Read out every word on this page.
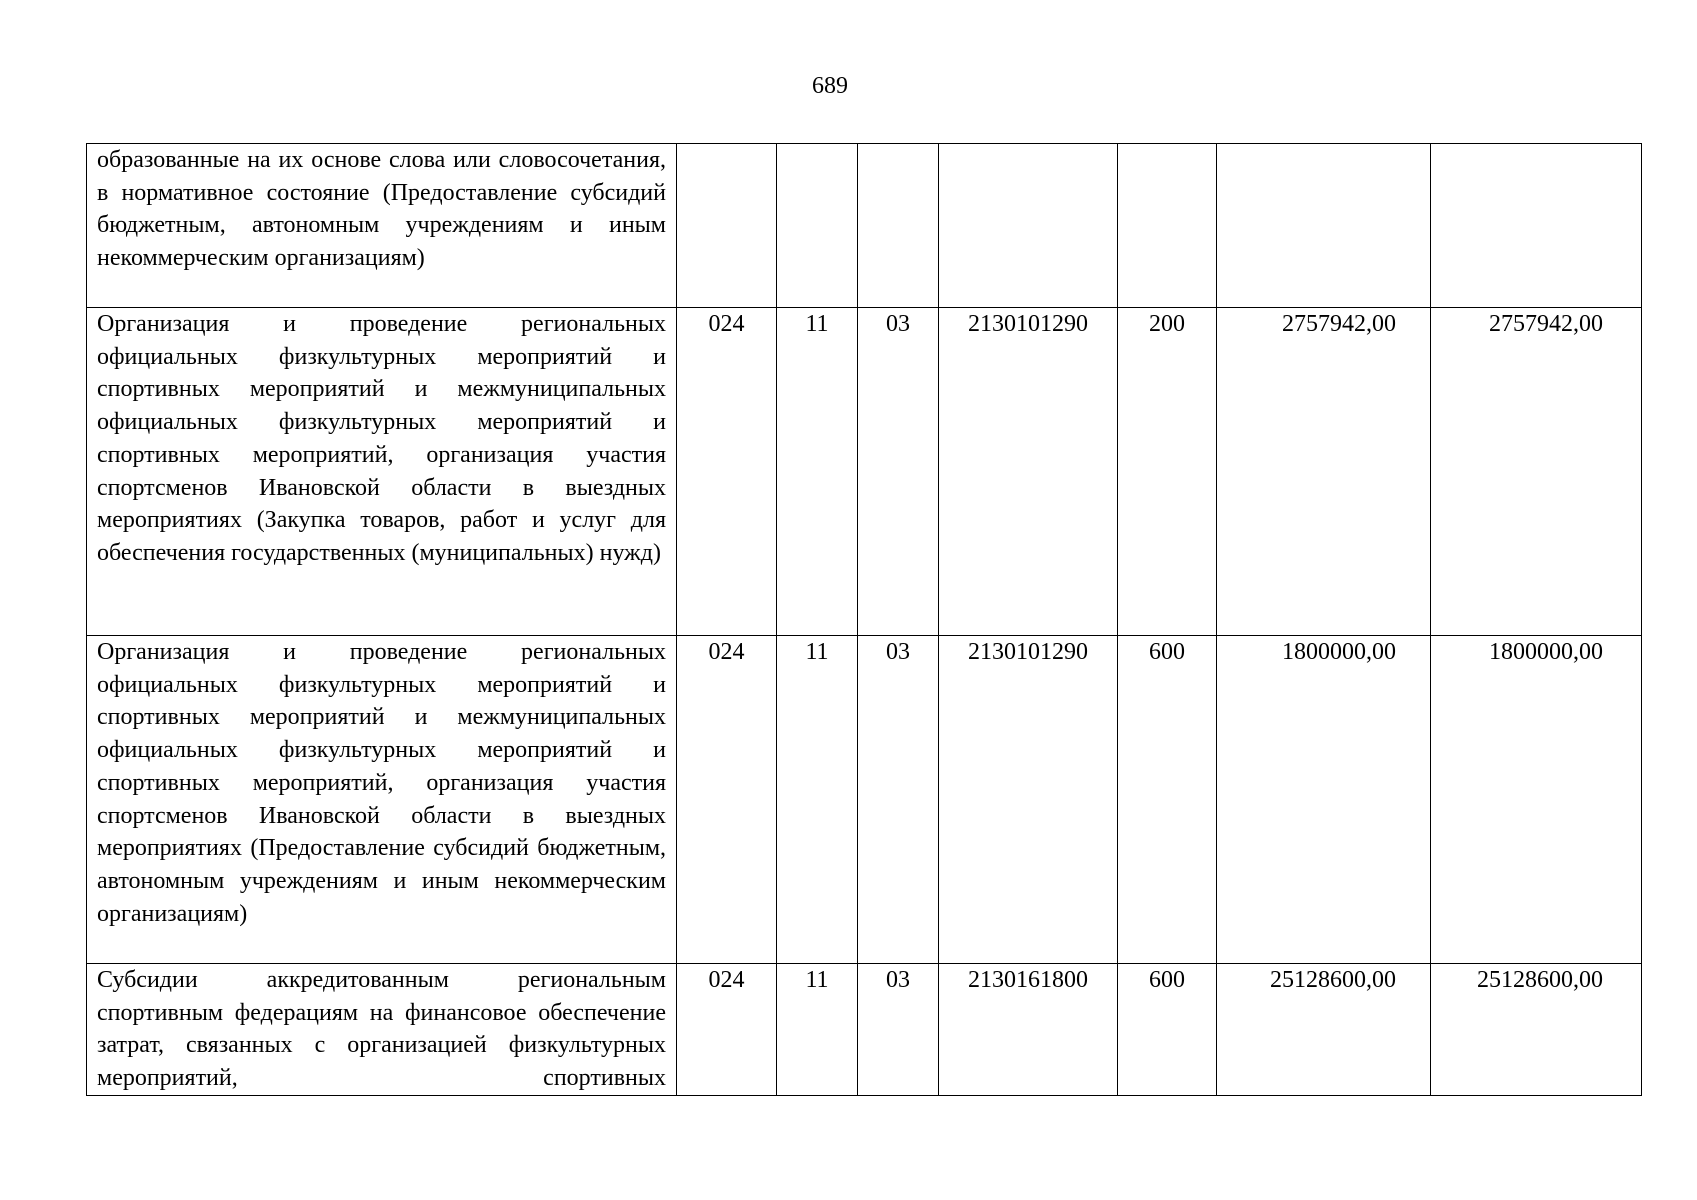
689
образованные на их основе слова или словосочетания, в нормативное состояние (Предоставление субсидий бюджетным, автономным учреждениям и иным некоммерческим организациям)							
Организация и проведение региональных официальных физкультурных мероприятий и спортивных мероприятий и межмуниципальных официальных физкультурных мероприятий и спортивных мероприятий, организация участия спортсменов Ивановской области в выездных мероприятиях (Закупка товаров, работ и услуг для обеспечения государственных (муниципальных) нужд)	024	11	03	2130101290	200	2757942,00	2757942,00
Организация и проведение региональных официальных физкультурных мероприятий и спортивных мероприятий и межмуниципальных официальных физкультурных мероприятий и спортивных мероприятий, организация участия спортсменов Ивановской области в выездных мероприятиях (Предоставление субсидий бюджетным, автономным учреждениям и иным некоммерческим организациям)	024	11	03	2130101290	600	1800000,00	1800000,00
Субсидии аккредитованным региональным спортивным федерациям на финансовое обеспечение затрат, связанных с организацией физкультурных мероприятий, спортивных	024	11	03	2130161800	600	25128600,00	25128600,00
